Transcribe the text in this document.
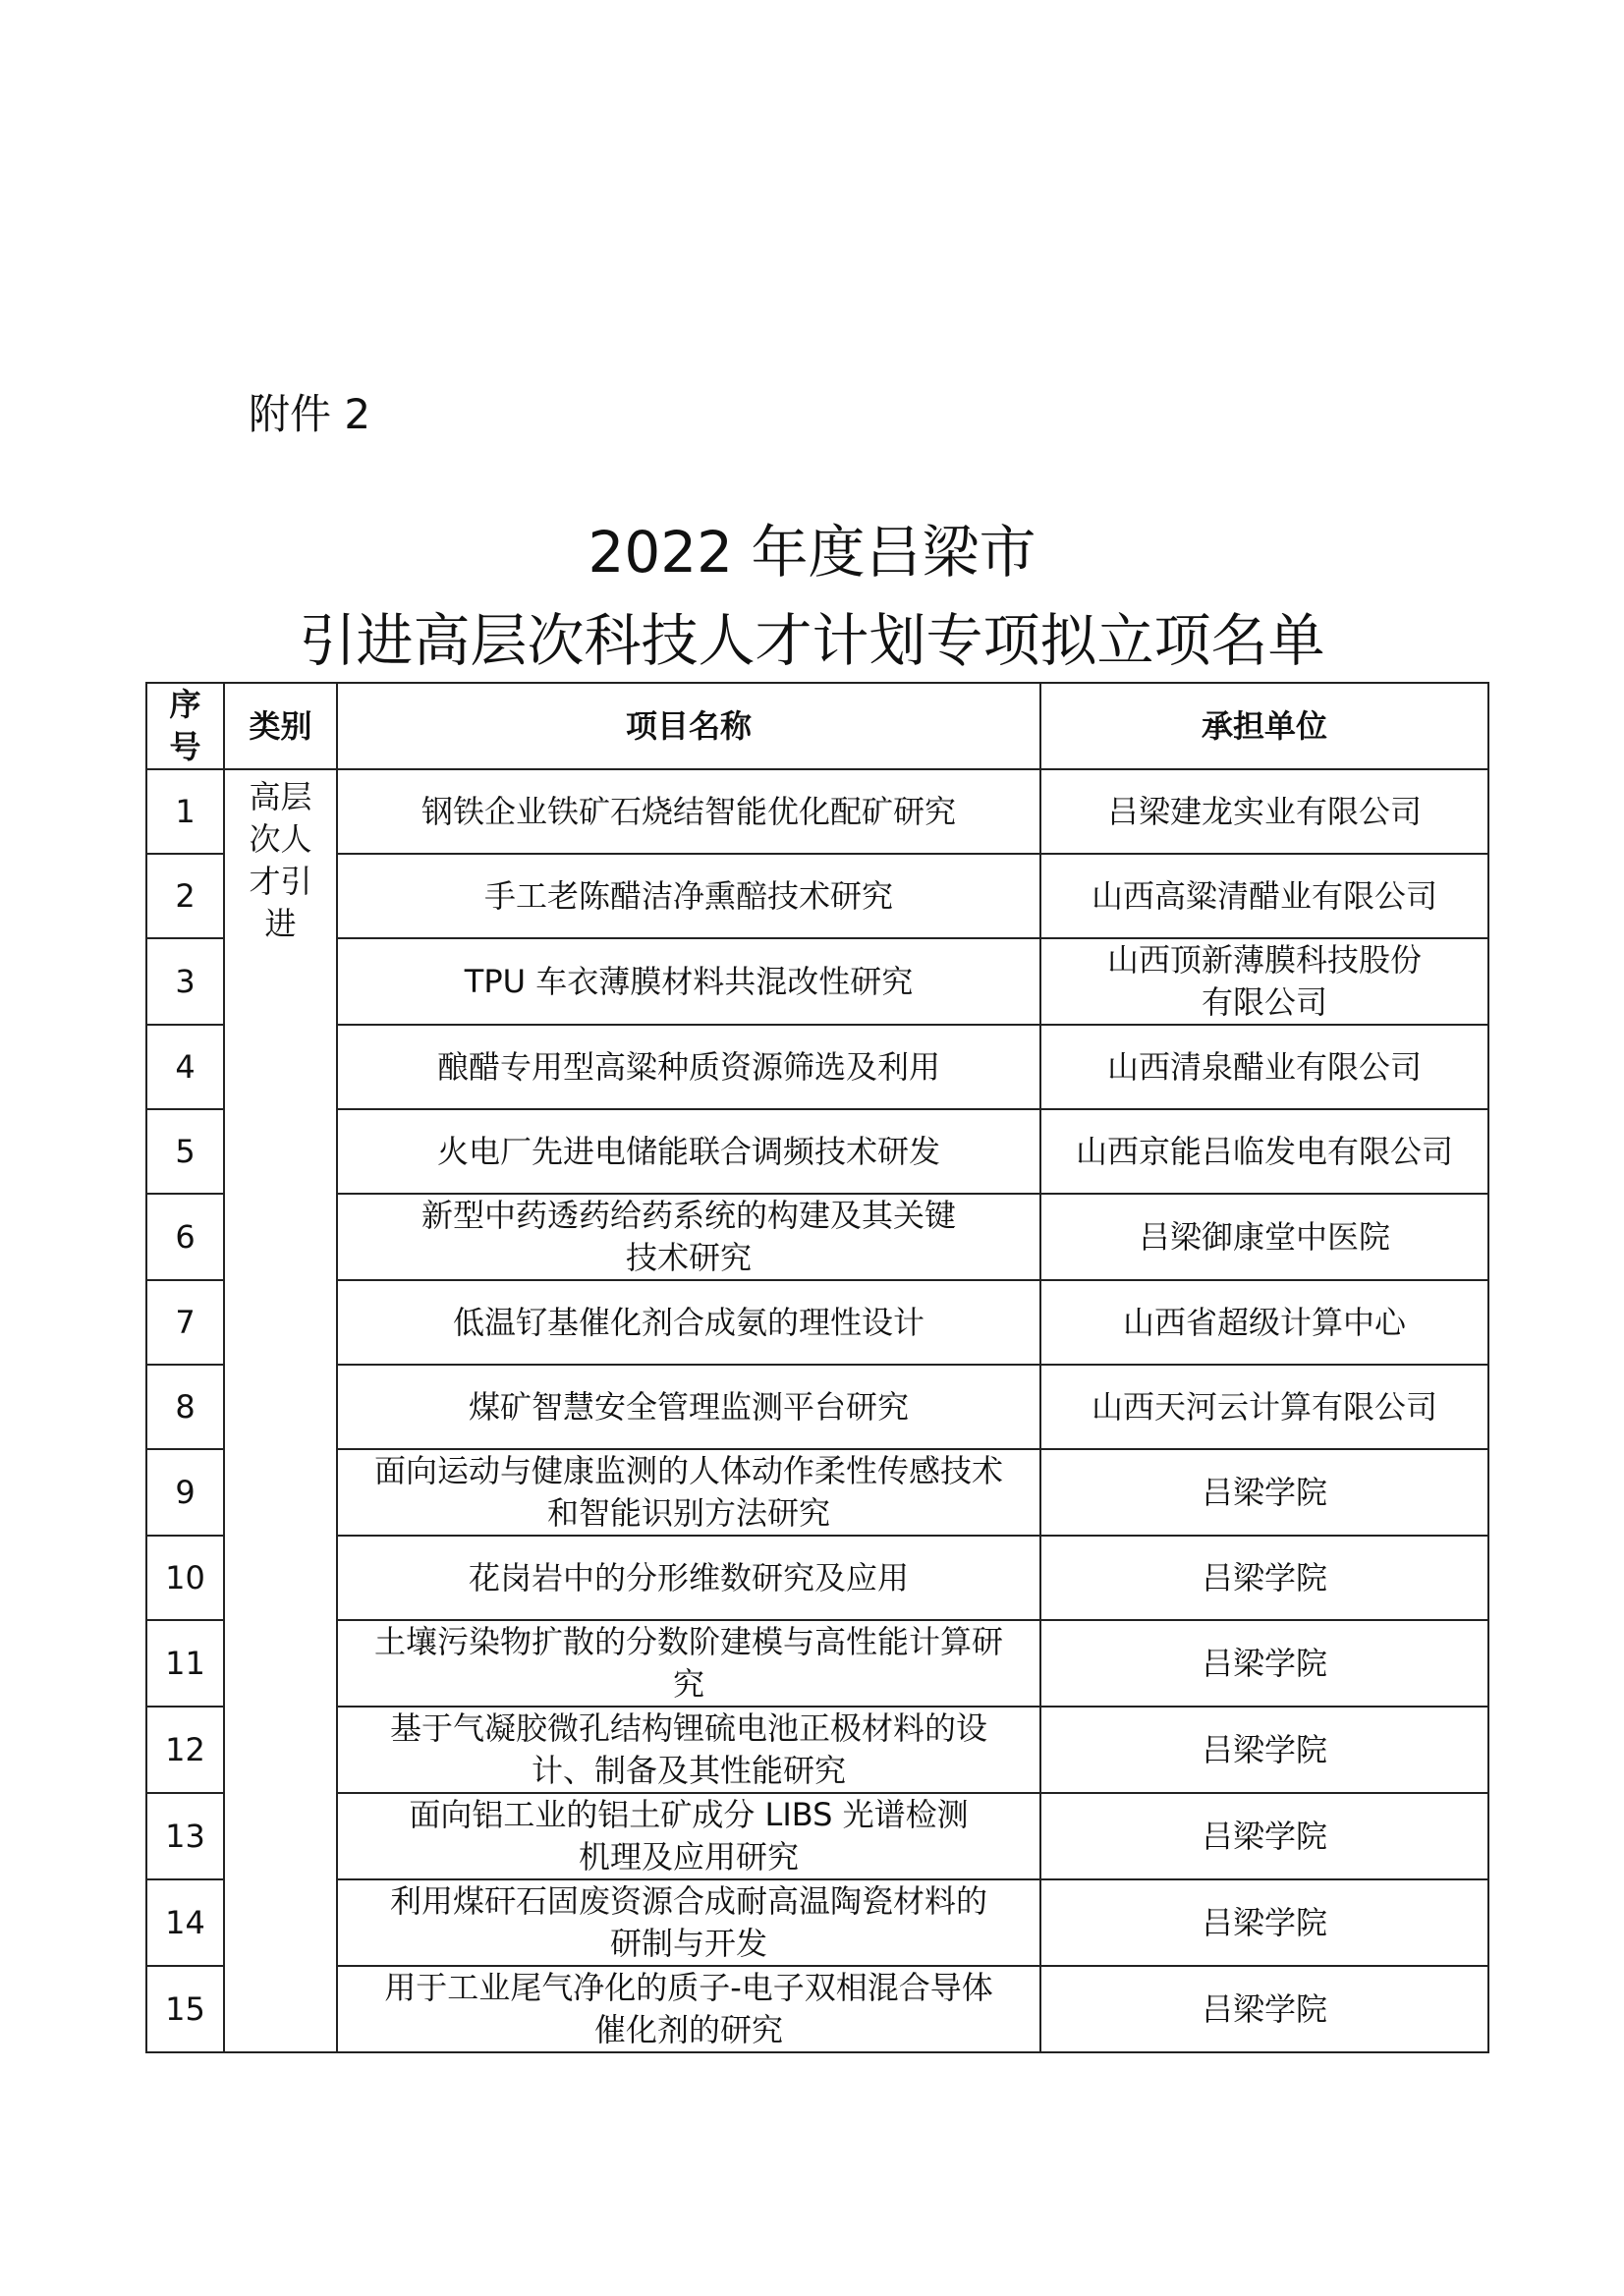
附件 2
2022 年度吕梁市
引进高层次科技人才计划专项拟立项名单
序号	类别	项目名称	承担单位
1	高层次人才引进	钢铁企业铁矿石烧结智能优化配矿研究	吕梁建龙实业有限公司
2		手工老陈醋洁净熏醅技术研究	山西高粱清醋业有限公司
3		TPU 车衣薄膜材料共混改性研究	山西顶新薄膜科技股份
有限公司
4		酿醋专用型高粱种质资源筛选及利用	山西清泉醋业有限公司
5		火电厂先进电储能联合调频技术研发	山西京能吕临发电有限公司
6		新型中药透药给药系统的构建及其关键
技术研究	吕梁御康堂中医院
7		低温钌基催化剂合成氨的理性设计	山西省超级计算中心
8		煤矿智慧安全管理监测平台研究	山西天河云计算有限公司
9		面向运动与健康监测的人体动作柔性传感技术
和智能识别方法研究	吕梁学院
10		花岗岩中的分形维数研究及应用	吕梁学院
11		土壤污染物扩散的分数阶建模与高性能计算研
究	吕梁学院
12		基于气凝胶微孔结构锂硫电池正极材料的设
计、制备及其性能研究	吕梁学院
13		面向铝工业的铝土矿成分 LIBS 光谱检测
机理及应用研究	吕梁学院
14		利用煤矸石固废资源合成耐高温陶瓷材料的
研制与开发	吕梁学院
15		用于工业尾气净化的质子-电子双相混合导体
催化剂的研究	吕梁学院
